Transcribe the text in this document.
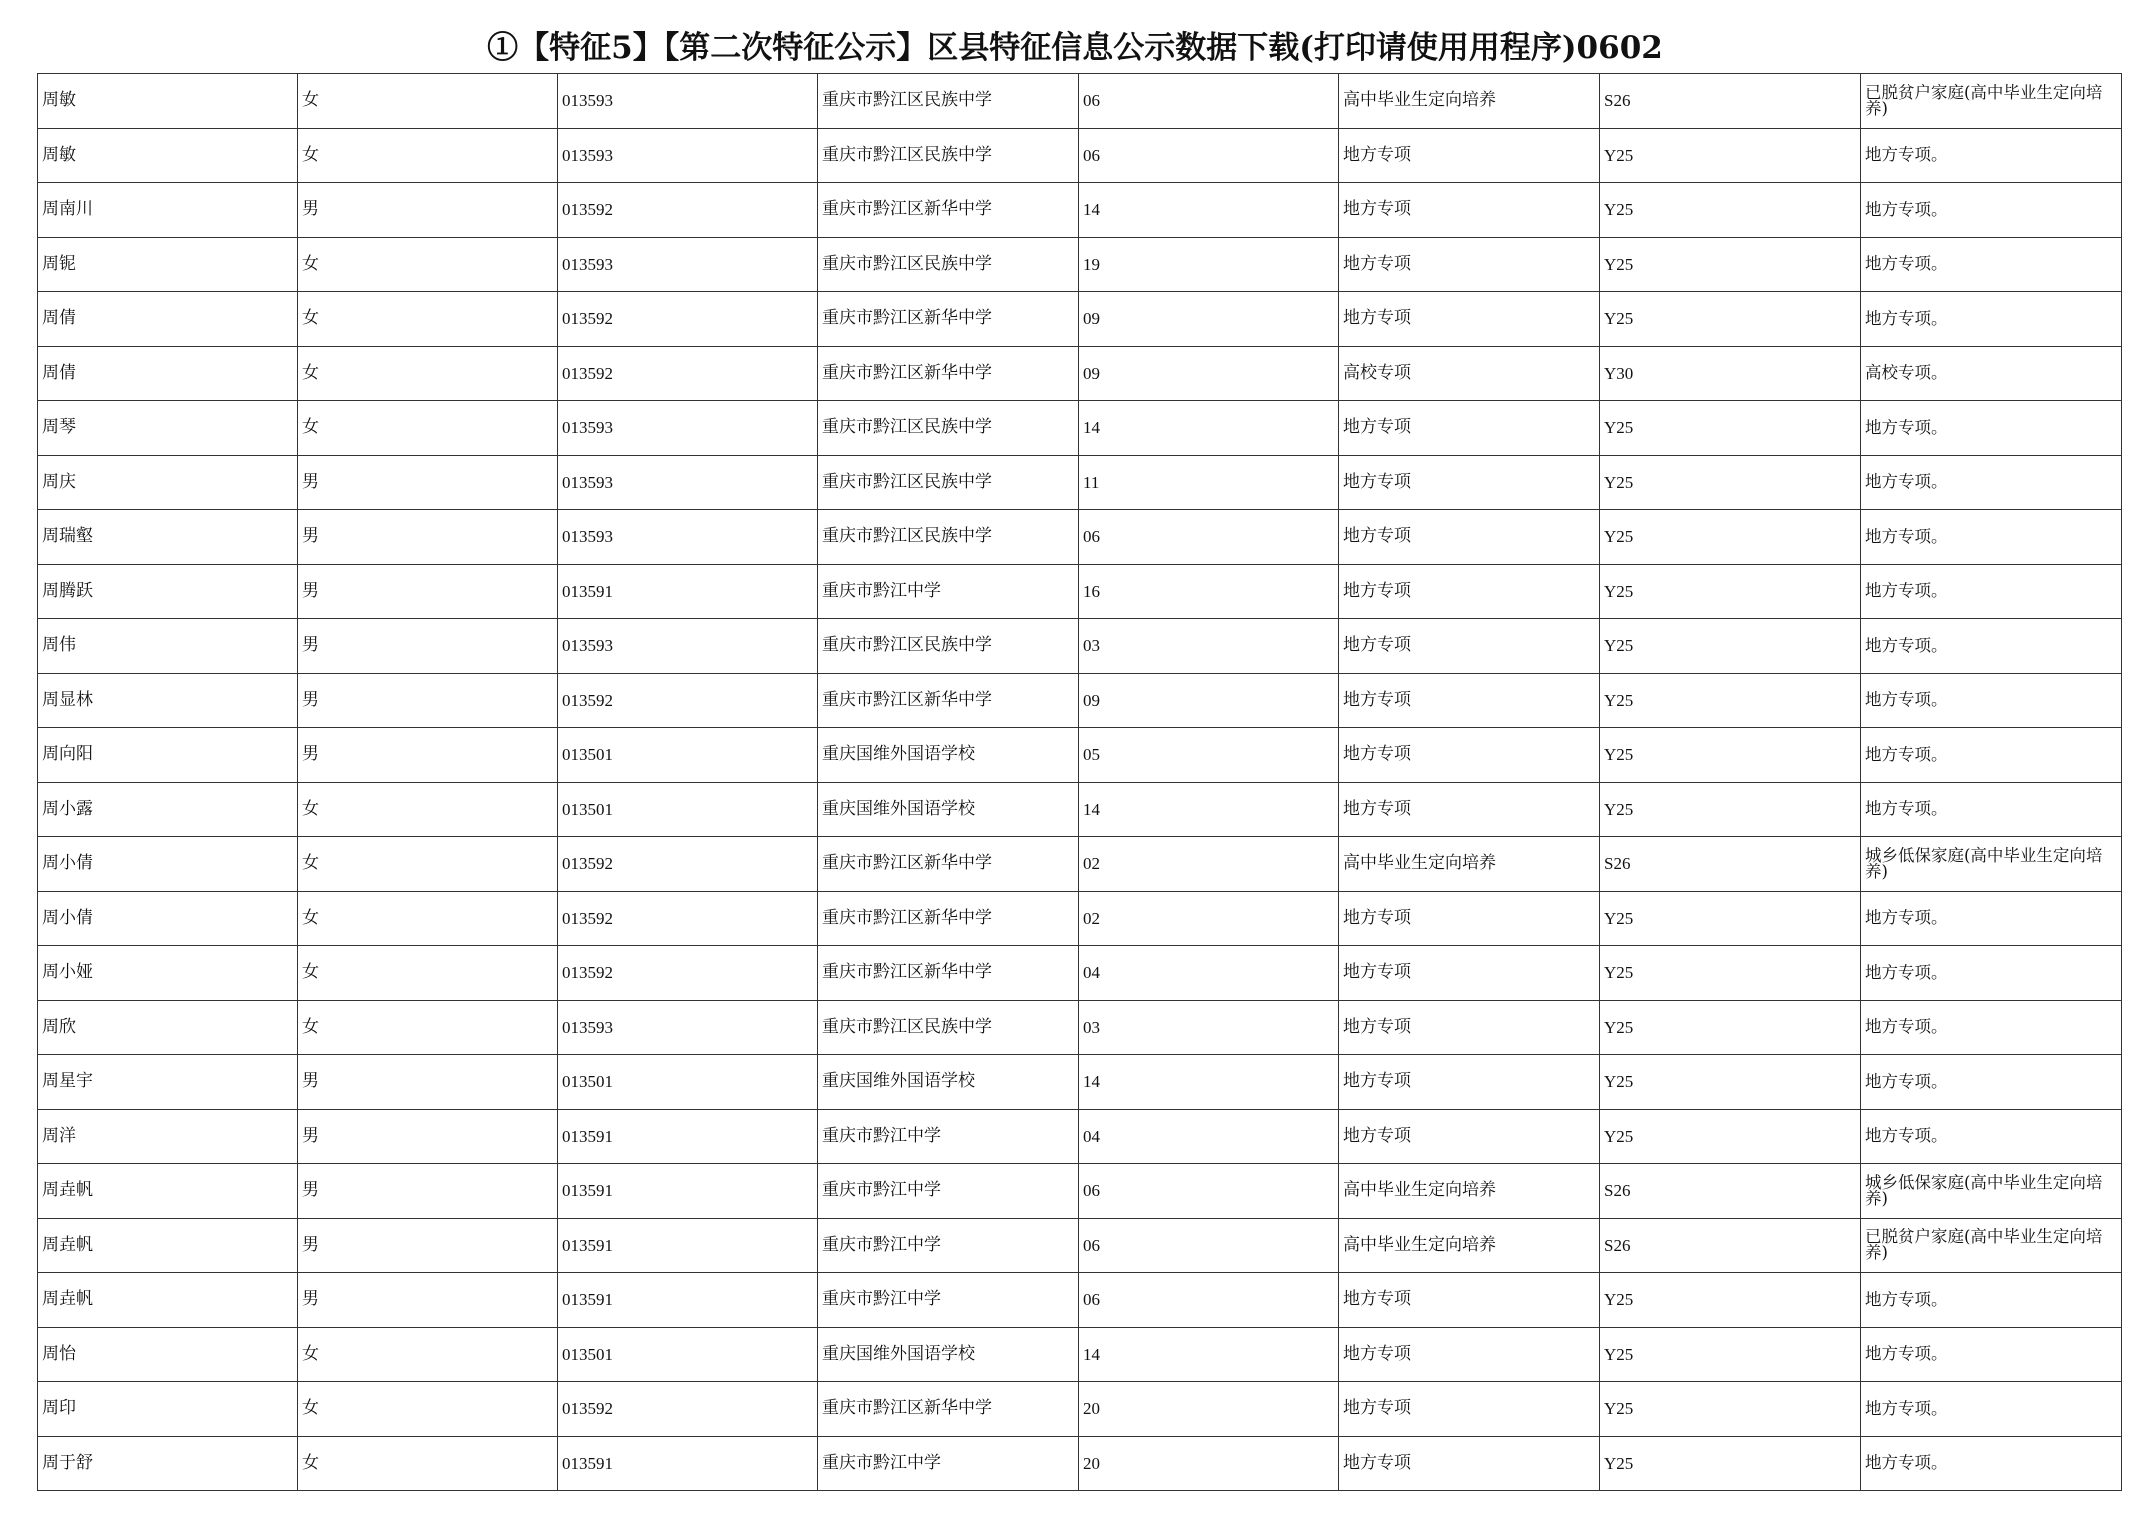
①【特征5】【第二次特征公示】区县特征信息公示数据下载(打印请使用用程序)0602
周敏	女	013593	重庆市黔江区民族中学	06	高中毕业生定向培养	S26	已脱贫户家庭(高中毕业生定向培养)
周敏	女	013593	重庆市黔江区民族中学	06	地方专项	Y25	地方专项。
周南川	男	013592	重庆市黔江区新华中学	14	地方专项	Y25	地方专项。
周铌	女	013593	重庆市黔江区民族中学	19	地方专项	Y25	地方专项。
周倩	女	013592	重庆市黔江区新华中学	09	地方专项	Y25	地方专项。
周倩	女	013592	重庆市黔江区新华中学	09	高校专项	Y30	高校专项。
周琴	女	013593	重庆市黔江区民族中学	14	地方专项	Y25	地方专项。
周庆	男	013593	重庆市黔江区民族中学	11	地方专项	Y25	地方专项。
周瑞壑	男	013593	重庆市黔江区民族中学	06	地方专项	Y25	地方专项。
周腾跃	男	013591	重庆市黔江中学	16	地方专项	Y25	地方专项。
周伟	男	013593	重庆市黔江区民族中学	03	地方专项	Y25	地方专项。
周显林	男	013592	重庆市黔江区新华中学	09	地方专项	Y25	地方专项。
周向阳	男	013501	重庆国维外国语学校	05	地方专项	Y25	地方专项。
周小露	女	013501	重庆国维外国语学校	14	地方专项	Y25	地方专项。
周小倩	女	013592	重庆市黔江区新华中学	02	高中毕业生定向培养	S26	城乡低保家庭(高中毕业生定向培养)
周小倩	女	013592	重庆市黔江区新华中学	02	地方专项	Y25	地方专项。
周小娅	女	013592	重庆市黔江区新华中学	04	地方专项	Y25	地方专项。
周欣	女	013593	重庆市黔江区民族中学	03	地方专项	Y25	地方专项。
周星宇	男	013501	重庆国维外国语学校	14	地方专项	Y25	地方专项。
周洋	男	013591	重庆市黔江中学	04	地方专项	Y25	地方专项。
周垚帆	男	013591	重庆市黔江中学	06	高中毕业生定向培养	S26	城乡低保家庭(高中毕业生定向培养)
周垚帆	男	013591	重庆市黔江中学	06	高中毕业生定向培养	S26	已脱贫户家庭(高中毕业生定向培养)
周垚帆	男	013591	重庆市黔江中学	06	地方专项	Y25	地方专项。
周怡	女	013501	重庆国维外国语学校	14	地方专项	Y25	地方专项。
周印	女	013592	重庆市黔江区新华中学	20	地方专项	Y25	地方专项。
周于舒	女	013591	重庆市黔江中学	20	地方专项	Y25	地方专项。
